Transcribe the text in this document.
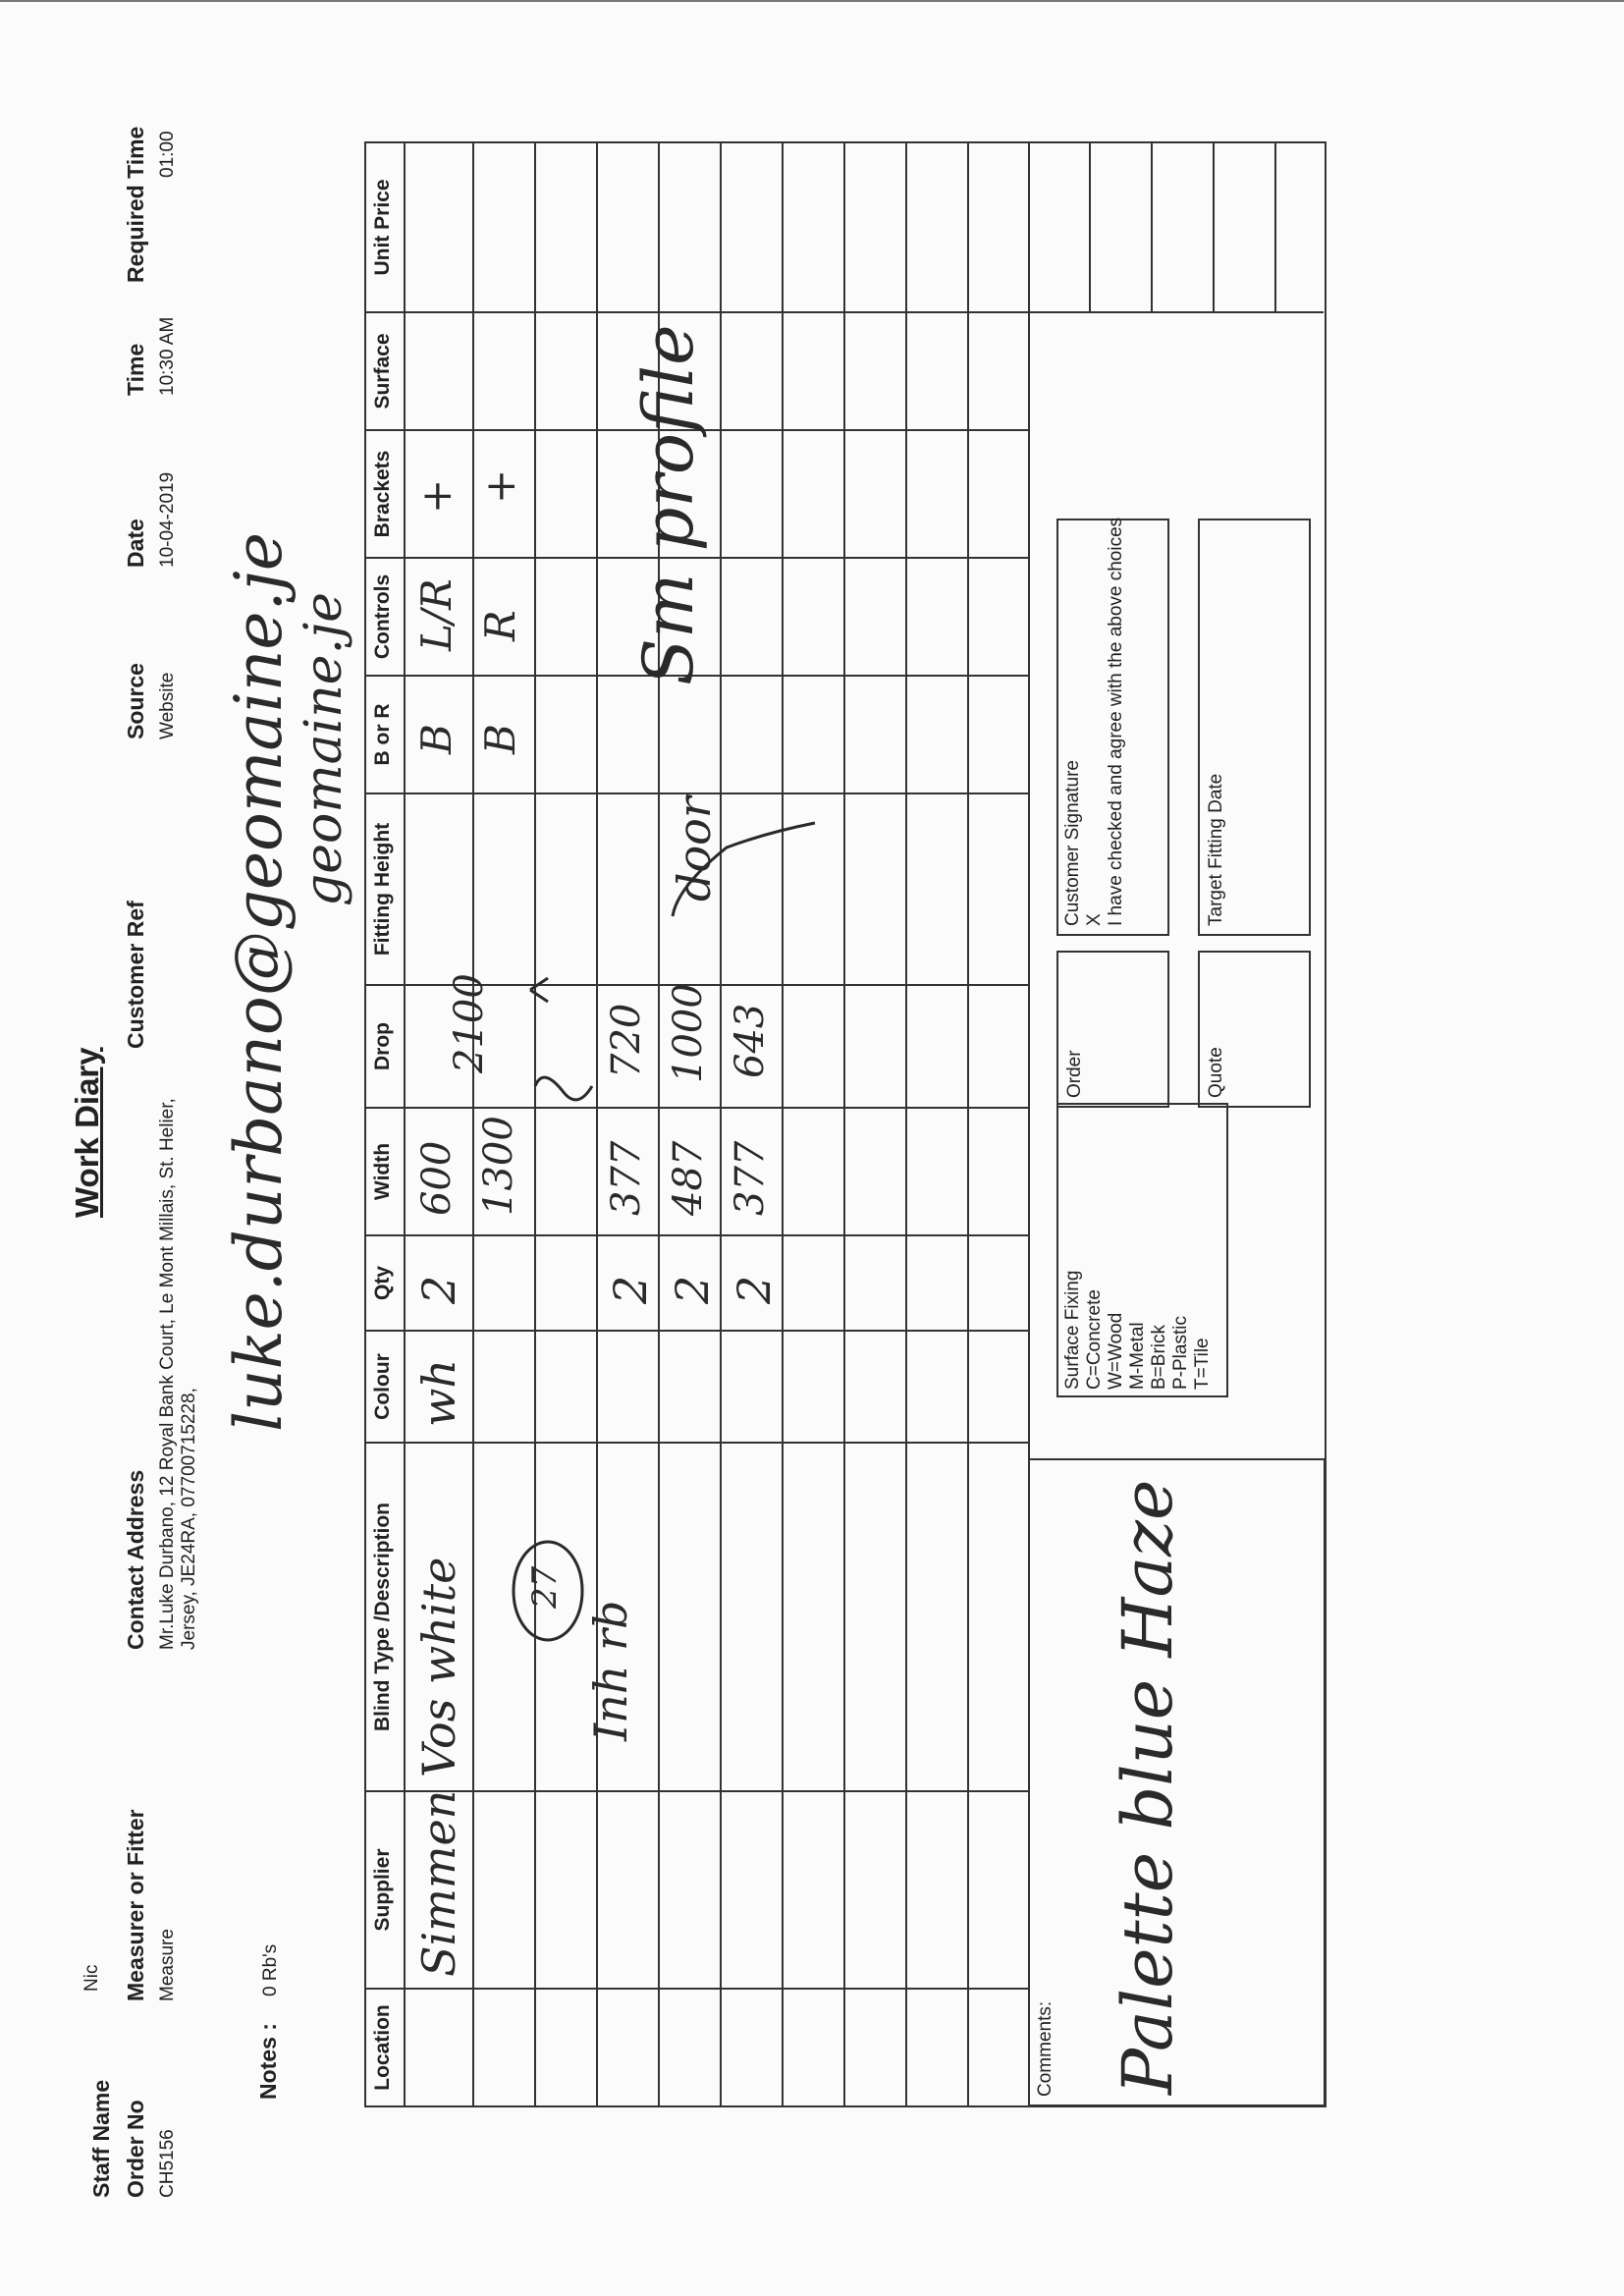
Work Diary
Staff Name
Nic
Order No CH5156
Measurer or Fitter Measure
Contact Address Mr.Luke Durbano, 12 Royal Bank Court, Le Mont Millais, St. Helier, Jersey, JE24RA, 07700715228,
Customer Ref
Source Website
Date 10-04-2019
Time 10:30 AM
Required Time 01:00
Notes :
0 Rb's
Location
Supplier
Blind Type /Description
Colour
Qty
Width
Drop
Fitting Height
B or R
Controls
Brackets
Surface
Unit Price
Simmen
Vos white
wh
2
600
2100
B
L/R
+
1300
B
R
+
27
Inh rb
2
377
720
2
487
1000
2
377
643
door
luke.durbano@geomaine.je
geomaine.je
Sm profile
Comments: Palette blue Haze
Surface Fixing C=Concrete W=Wood M-Metal B=Brick P-Plastic T=Tile
Order	Quote
Customer Signature X I have checked and agree with the above choices	Target Fitting Date
